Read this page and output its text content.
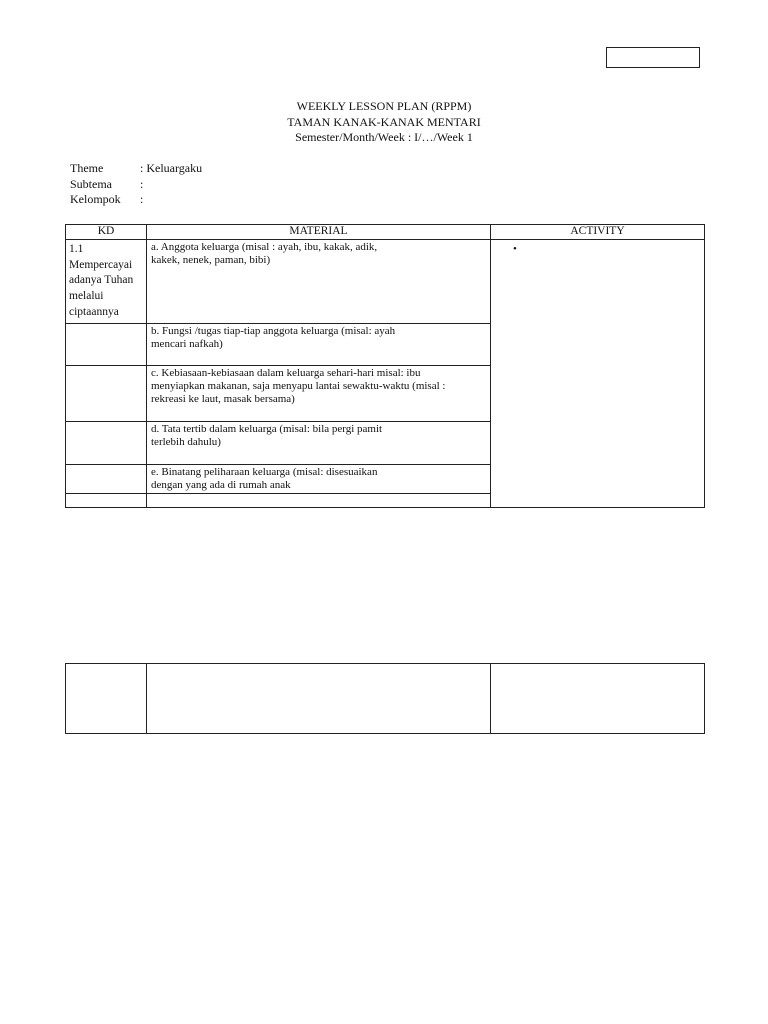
WEEKLY LESSON PLAN (RPPM)
TAMAN KANAK-KANAK MENTARI
Semester/Month/Week : I/…/Week 1
Theme	: Keluargaku
Subtema	:
Kelompok	:
KD	MATERIAL	ACTIVITY
1.1 Mempercayai adanya Tuhan melalui ciptaannya	a. Anggota keluarga (misal : ayah, ibu, kakak, adik, kakek, nenek, paman, bibi)	•

	b. Fungsi /tugas tiap-tiap anggota keluarga (misal: ayah mencari nafkah)	

	c. Kebiasaan-kebiasaan dalam keluarga sehari-hari misal: ibu menyiapkan makanan, saja menyapu lantai sewaktu-waktu (misal : rekreasi ke laut, masak bersama)	

	d. Tata tertib dalam keluarga (misal: bila pergi pamit terlebih dahulu)	

	e. Binatang peliharaan keluarga (misal: disesuaikan dengan yang ada di rumah anak	
